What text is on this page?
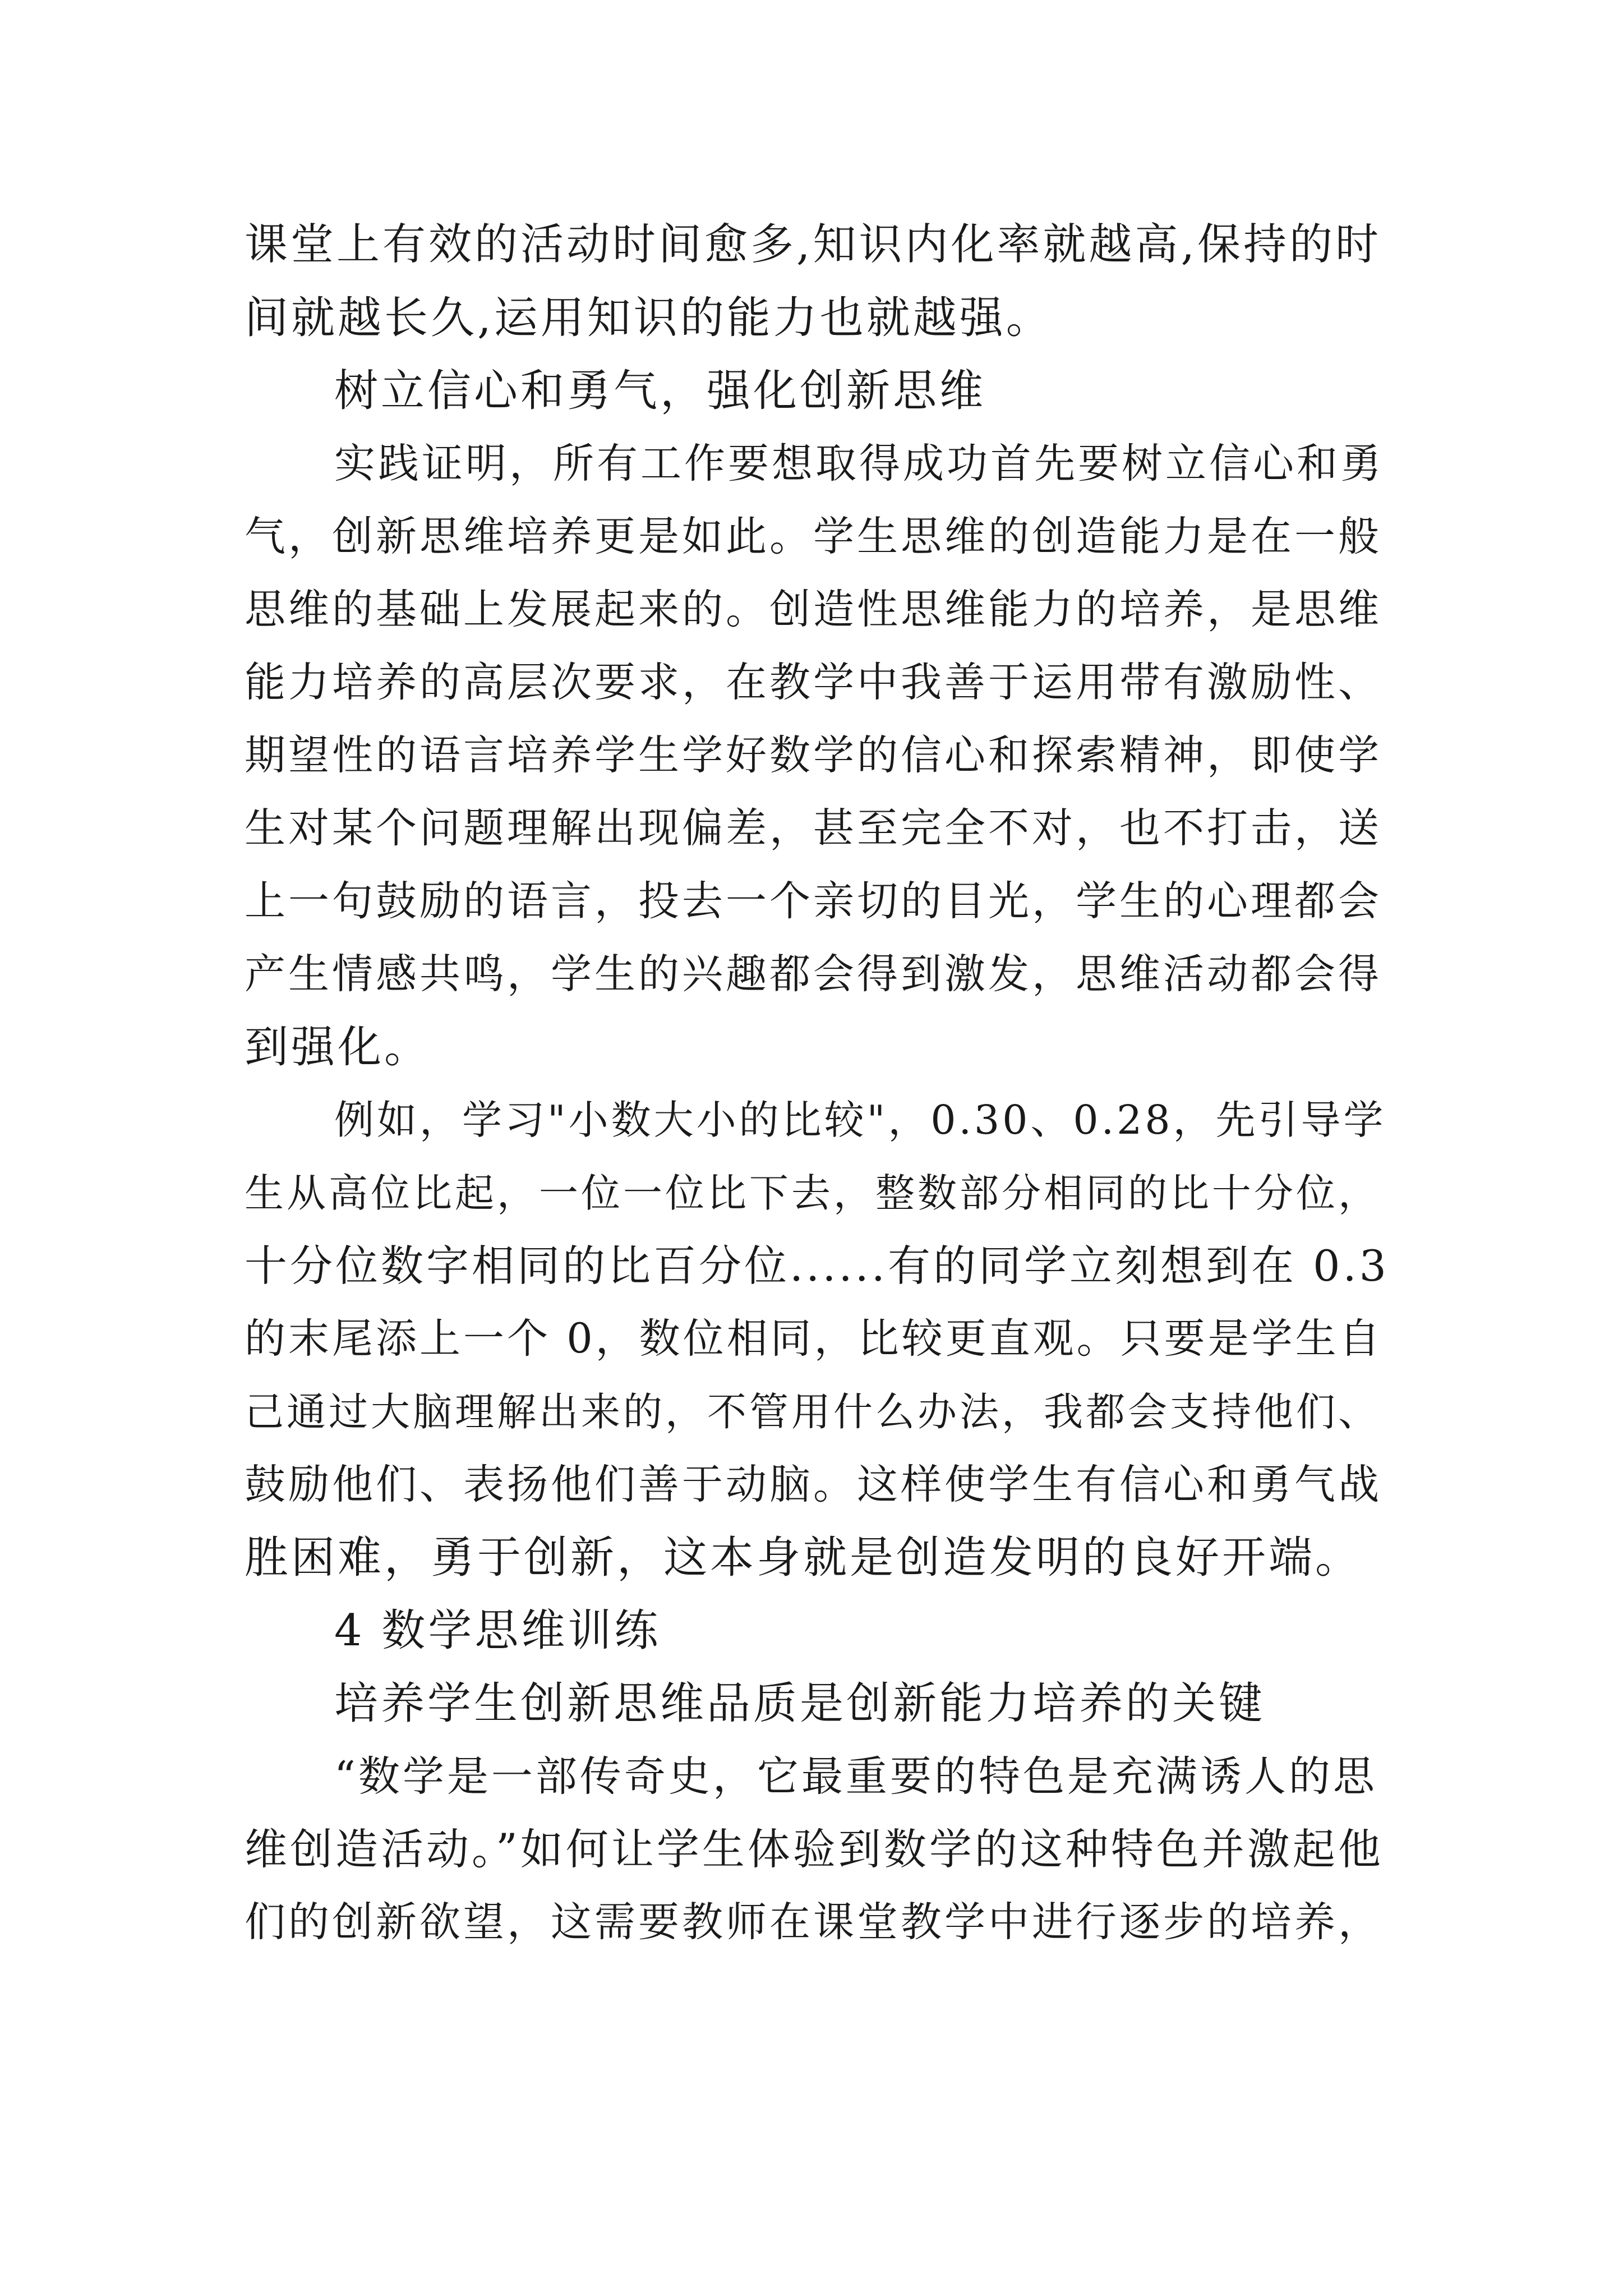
课堂上有效的活动时间愈多,知识内化率就越高,保持的时
间就越长久,运用知识的能力也就越强。
树立信心和勇气，强化创新思维
实践证明，所有工作要想取得成功首先要树立信心和勇
气，创新思维培养更是如此。学生思维的创造能力是在一般
思维的基础上发展起来的。创造性思维能力的培养，是思维
能力培养的高层次要求，在教学中我善于运用带有激励性、
期望性的语言培养学生学好数学的信心和探索精神，即使学
生对某个问题理解出现偏差，甚至完全不对，也不打击，送
上一句鼓励的语言，投去一个亲切的目光，学生的心理都会
产生情感共鸣，学生的兴趣都会得到激发，思维活动都会得
到强化。
例如，学习"小数大小的比较"，0.30、0.28，先引导学
生从高位比起，一位一位比下去，整数部分相同的比十分位，
十分位数字相同的比百分位......有的同学立刻想到在 0.3
的末尾添上一个 0，数位相同，比较更直观。只要是学生自
己通过大脑理解出来的，不管用什么办法，我都会支持他们、
鼓励他们、表扬他们善于动脑。这样使学生有信心和勇气战
胜困难，勇于创新，这本身就是创造发明的良好开端。
4 数学思维训练
培养学生创新思维品质是创新能力培养的关键
“数学是一部传奇史，它最重要的特色是充满诱人的思
维创造活动。”如何让学生体验到数学的这种特色并激起他
们的创新欲望，这需要教师在课堂教学中进行逐步的培养，
